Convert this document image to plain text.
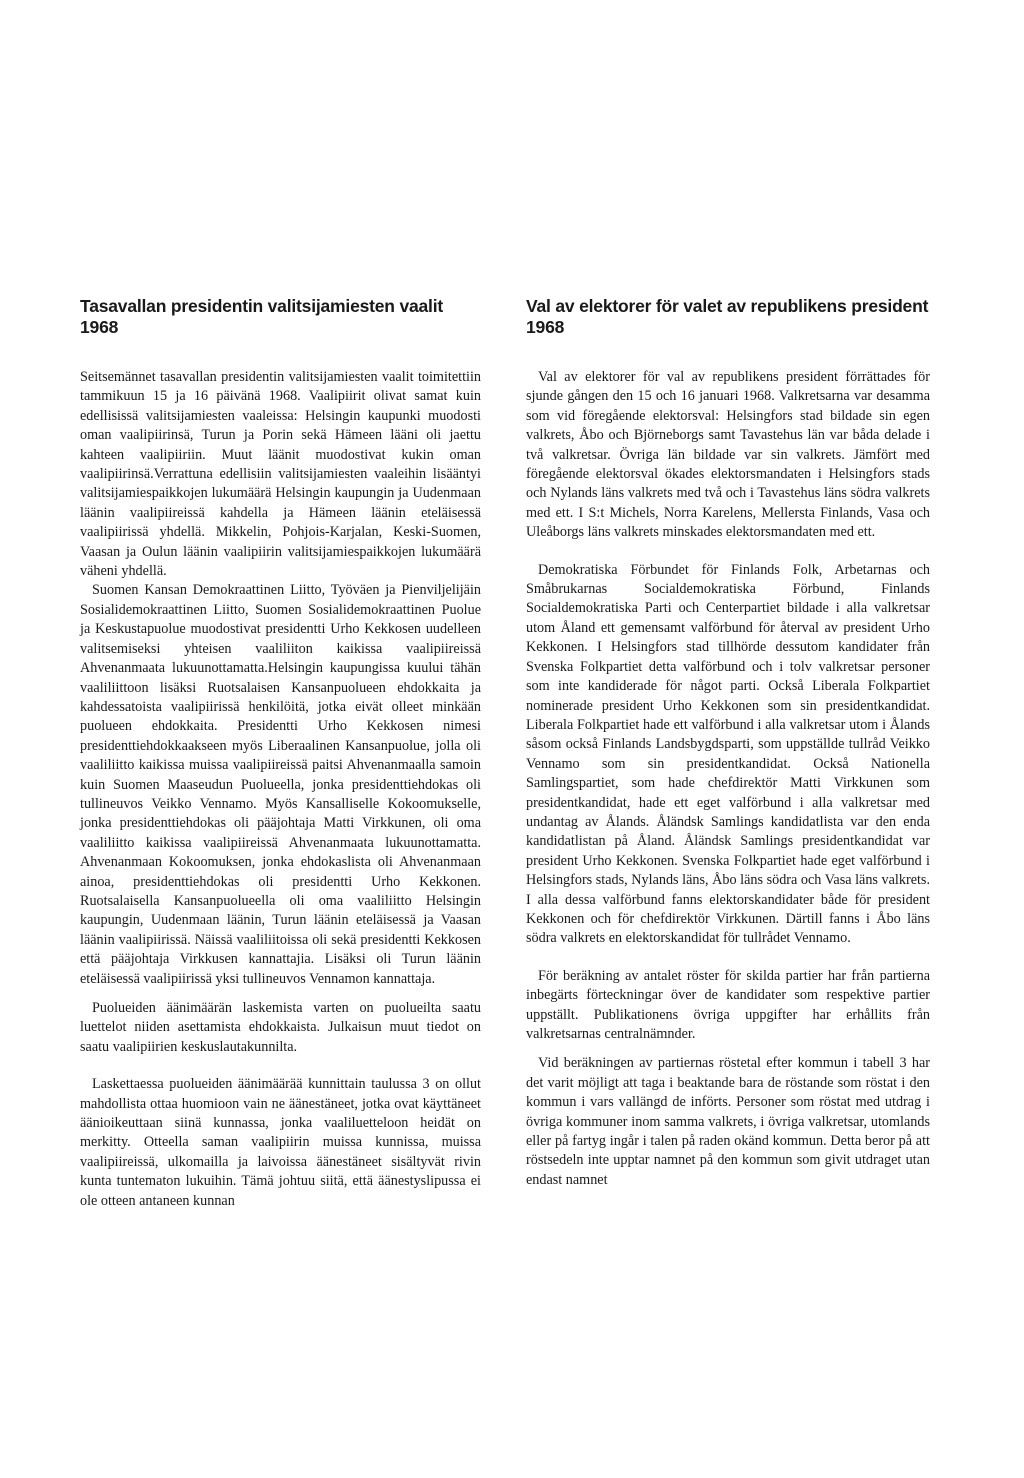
Tasavallan presidentin valitsijamiesten vaalit 1968

Seitsemännet tasavallan presidentin valitsijamiesten vaalit toimitettiin tammikuun 15 ja 16 päivänä 1968. Vaalipiirit olivat samat kuin edellisissä valitsijamiesten vaaleissa: Helsingin kaupunki muodosti oman vaalipiirinsä, Turun ja Porin sekä Hämeen lääni oli jaettu kahteen vaalipiiriin. Muut läänit muodostivat kukin oman vaalipiirinsä.Verrattuna edellisiin valitsijamiesten vaaleihin lisääntyi valitsijamiespaikkojen lukumäärä Helsingin kaupungin ja Uudenmaan läänin vaalipiireissä kahdella ja Hämeen läänin eteläisessä vaalipiirissä yhdellä. Mikkelin, Pohjois-Karjalan, Keski-Suomen, Vaasan ja Oulun läänin vaalipiirin valitsijamiespaikkojen lukumäärä väheni yhdellä.

Suomen Kansan Demokraattinen Liitto, Työväen ja Pienviljelijäin Sosialidemokraattinen Liitto, Suomen Sosialidemokraattinen Puolue ja Keskustapuolue muodostivat presidentti Urho Kekkosen uudelleen valitsemiseksi yhteisen vaaliliiton kaikissa vaalipiireissä Ahvenanmaata lukuunottamatta.Helsingin kaupungissa kuului tähän vaaliliittoon lisäksi Ruotsalaisen Kansanpuolueen ehdokkaita ja kahdessatoista vaalipiirissä henkilöitä, jotka eivät olleet minkään puolueen ehdokkaita. Presidentti Urho Kekkosen nimesi presidenttiehdokkaakseen myös Liberaalinen Kansanpuolue, jolla oli vaaliliitto kaikissa muissa vaalipiireissä paitsi Ahvenanmaalla samoin kuin Suomen Maaseudun Puolueella, jonka presidenttiehdokas oli tullineuvos Veikko Vennamo. Myös Kansalliselle Kokoomukselle, jonka presidenttiehdokas oli pääjohtaja Matti Virkkunen, oli oma vaaliliitto kaikissa vaalipiireissä Ahvenanmaata lukuunottamatta. Ahvenanmaan Kokoomuksen, jonka ehdokaslista oli Ahvenanmaan ainoa, presidenttiehdokas oli presidentti Urho Kekkonen. Ruotsalaisella Kansanpuolueella oli oma vaaliliitto Helsingin kaupungin, Uudenmaan läänin, Turun läänin eteläisessä ja Vaasan läänin vaalipiirissä. Näissä vaaliliitoissa oli sekä presidentti Kekkosen että pääjohtaja Virkkusen kannattajia. Lisäksi oli Turun läänin eteläisessä vaalipiirissä yksi tullineuvos Vennamon kannattaja.

Puolueiden äänimäärän laskemista varten on puolueilta saatu luettelot niiden asettamista ehdokkaista. Julkaisun muut tiedot on saatu vaalipiirien keskuslautakunnilta.

Laskettaessa puolueiden äänimäärää kunnittain taulussa 3 on ollut mahdollista ottaa huomioon vain ne äänestäneet, jotka ovat käyttäneet äänioikeuttaan siinä kunnassa, jonka vaaliluetteloon heidät on merkitty. Otteella saman vaalipiirin muissa kunnissa, muissa vaalipiireissä, ulkomailla ja laivoissa äänestäneet sisältyvät rivin kunta tuntematon lukuihin. Tämä johtuu siitä, että äänestyslipussa ei ole otteen antaneen kunnan

Val av elektorer för valet av republikens president 1968

Val av elektorer för val av republikens president förrättades för sjunde gången den 15 och 16 januari 1968. Valkretsarna var desamma som vid föregående elektorsval: Helsingfors stad bildade sin egen valkrets, Åbo och Björneborgs samt Tavastehus län var båda delade i två valkretsar. Övriga län bildade var sin valkrets. Jämfört med föregående elektorsval ökades elektorsmandaten i Helsingfors stads och Nylands läns valkrets med två och i Tavastehus läns södra valkrets med ett. I S:t Michels, Norra Karelens, Mellersta Finlands, Vasa och Uleåborgs läns valkrets minskades elektorsmandaten med ett.

Demokratiska Förbundet för Finlands Folk, Arbetarnas och Småbrukarnas Socialdemokratiska Förbund, Finlands Socialdemokratiska Parti och Centerpartiet bildade i alla valkretsar utom Åland ett gemensamt valförbund för återval av president Urho Kekkonen. I Helsingfors stad tillhörde dessutom kandidater från Svenska Folkpartiet detta valförbund och i tolv valkretsar personer som inte kandiderade för något parti. Också Liberala Folkpartiet nominerade president Urho Kekkonen som sin presidentkandidat. Liberala Folkpartiet hade ett valförbund i alla valkretsar utom i Ålands såsom också Finlands Landsbygdsparti, som uppställde tullråd Veikko Vennamo som sin presidentkandidat. Också Nationella Samlingspartiet, som hade chefdirektör Matti Virkkunen som presidentkandidat, hade ett eget valförbund i alla valkretsar med undantag av Ålands. Åländsk Samlings kandidatlista var den enda kandidatlistan på Åland. Åländsk Samlings presidentkandidat var president Urho Kekkonen. Svenska Folkpartiet hade eget valförbund i Helsingfors stads, Nylands läns, Åbo läns södra och Vasa läns valkrets. I alla dessa valförbund fanns elektorskandidater både för president Kekkonen och för chefdirektör Virkkunen. Därtill fanns i Åbo läns södra valkrets en elektorskandidat för tullrådet Vennamo.

För beräkning av antalet röster för skilda partier har från partierna inbegärts förteckningar över de kandidater som respektive partier uppställt. Publikationens övriga uppgifter har erhållits från valkretsarnas centralnämnder.

Vid beräkningen av partiernas röstetal efter kommun i tabell 3 har det varit möjligt att taga i beaktande bara de röstande som röstat i den kommun i vars vallängd de införts. Personer som röstat med utdrag i övriga kommuner inom samma valkrets, i övriga valkretsar, utomlands eller på fartyg ingår i talen på raden okänd kommun. Detta beror på att röstsedeln inte upptar namnet på den kommun som givit utdraget utan endast namnet
